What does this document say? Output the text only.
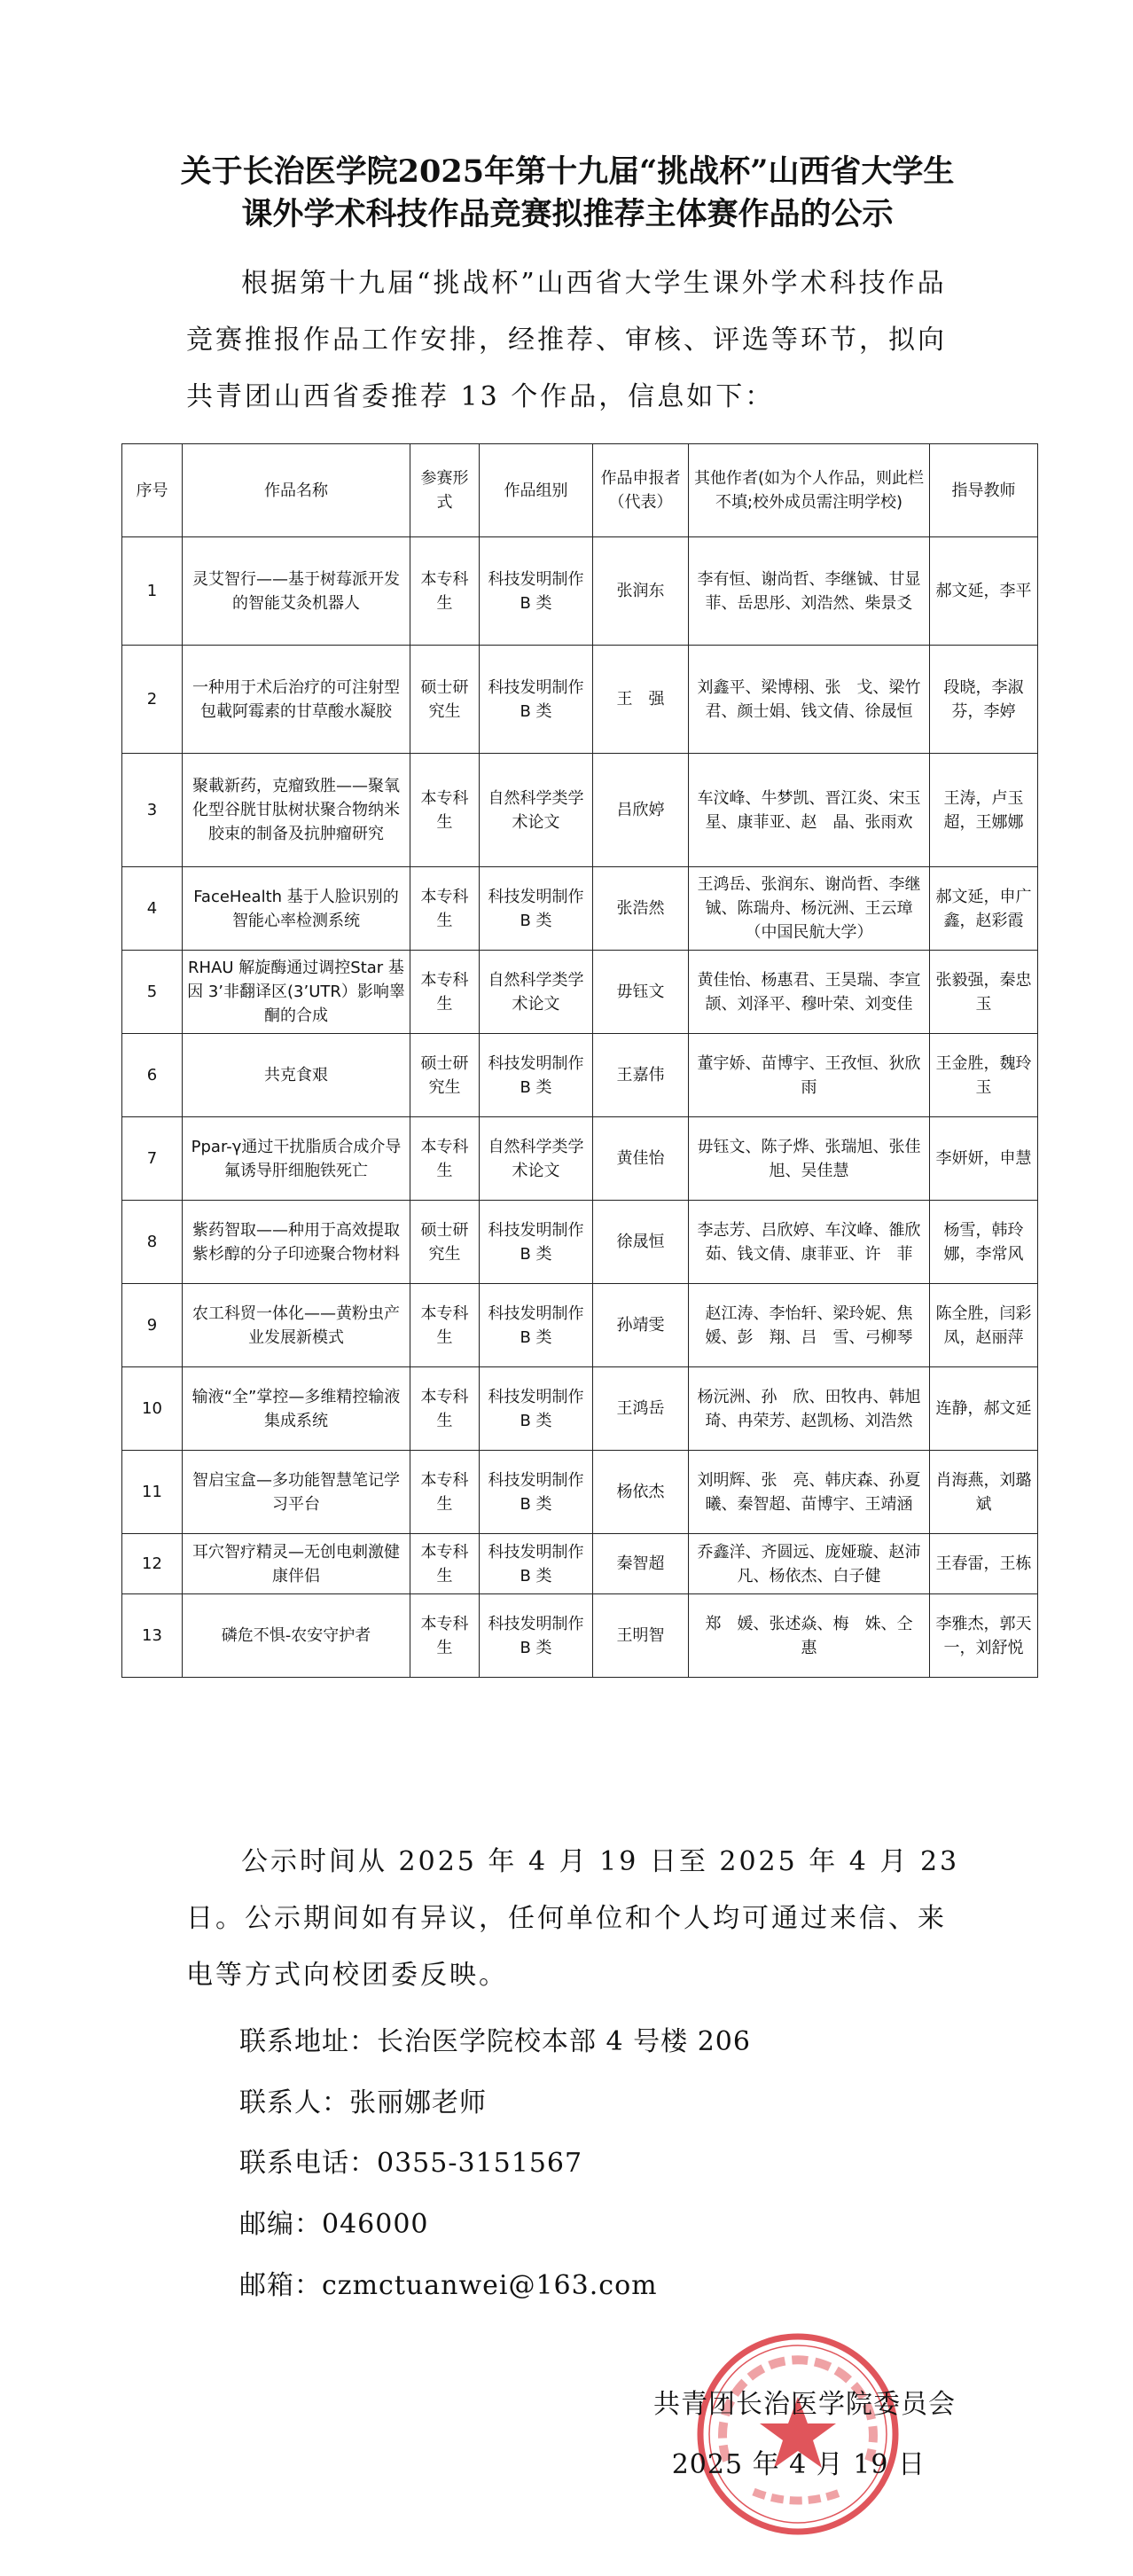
关于长治医学院2025年第十九届“挑战杯”山西省大学生课外学术科技作品竞赛拟推荐主体赛作品的公示
根据第十九届“挑战杯”山西省大学生课外学术科技作品竞赛推报作品工作安排，经推荐、审核、评选等环节，拟向共青团山西省委推荐 13 个作品，信息如下：
序号	作品名称	参赛形式	作品组别	作品申报者（代表）	其他作者(如为个人作品，则此栏不填;校外成员需注明学校)	指导教师
1	灵艾智行——基于树莓派开发的智能艾灸机器人	本专科生	科技发明制作 B 类	张润东	李有恒、谢尚哲、李继铖、甘显菲、岳思彤、刘浩然、柴景爻	郝文延，李平
2	一种用于术后治疗的可注射型包載阿霉素的甘草酸水凝胶	硕士研究生	科技发明制作 B 类	王　强	刘鑫平、梁博栩、张　戈、梁竹君、颜士娟、钱文倩、徐晟恒	段晓，李淑芬，李婷
3	聚載新药，克瘤致胜——聚氧化型谷胱甘肽树状聚合物纳米胶束的制备及抗肿瘤研究	本专科生	自然科学类学术论文	吕欣婷	车汶峰、牛梦凯、晋江炎、宋玉星、康菲亚、赵　晶、张雨欢	王涛，卢玉超，王娜娜
4	FaceHealth 基于人脸识别的智能心率检测系统	本专科生	科技发明制作 B 类	张浩然	王鸿岳、张润东、谢尚哲、李继铖、陈瑞舟、杨沅洲、王云璋（中国民航大学）	郝文延，申广鑫，赵彩霞
5	RHAU 解旋酶通过调控Star 基因 3’非翻译区(3’UTR）影响睾酮的合成	本专科生	自然科学类学术论文	毋钰文	黄佳怡、杨惠君、王昊瑞、李宣颉、刘泽平、穆叶荣、刘变佳	张毅强，秦忠玉
6	共克食艰	硕士研究生	科技发明制作 B 类	王嘉伟	董宇娇、苗博宇、王孜恒、狄欣雨	王金胜，魏玲玉
7	Ppar-γ通过干扰脂质合成介导氟诱导肝细胞铁死亡	本专科生	自然科学类学术论文	黄佳怡	毋钰文、陈子烨、张瑞旭、张佳旭、吴佳慧	李妍妍，申慧
8	紫药智取——种用于高效提取紫杉醇的分子印迹聚合物材料	硕士研究生	科技发明制作 B 类	徐晟恒	李志芳、吕欣婷、车汶峰、雒欣茹、钱文倩、康菲亚、许　菲	杨雪，韩玲娜，李常风
9	农工科贸一体化——黄粉虫产业发展新模式	本专科生	科技发明制作 B 类	孙靖雯	赵江涛、李怡轩、梁玲妮、焦　媛、彭　翔、吕　雪、弓柳琴	陈全胜，闫彩凤，赵丽萍
10	输液“全”掌控—多维精控输液集成系统	本专科生	科技发明制作 B 类	王鸿岳	杨沅洲、孙　欣、田牧冉、韩旭琦、冉荣芳、赵凯杨、刘浩然	连静，郝文延
11	智启宝盒—多功能智慧笔记学习平台	本专科生	科技发明制作 B 类	杨依杰	刘明辉、张　亮、韩庆森、孙夏曦、秦智超、苗博宇、王靖涵	肖海燕，刘璐斌
12	耳穴智疗精灵—无创电刺激健康伴侣	本专科生	科技发明制作 B 类	秦智超	乔鑫洋、齐圆远、庞娅璇、赵沛凡、杨依杰、白子健	王春雷，王栋
13	磷危不惧-农安守护者	本专科生	科技发明制作 B 类	王明智	郑　媛、张述焱、梅　姝、仝　惠	李雅杰，郭天一，刘舒悦
公示时间从 2025 年 4 月 19 日至 2025 年 4 月 23 日。公示期间如有异议，任何单位和个人均可通过来信、来电等方式向校团委反映。
联系地址：长治医学院校本部 4 号楼 206
联系人：张丽娜老师
联系电话：0355-3151567
邮编：046000
邮箱：czmctuanwei@163.com
共青团长治医学院委员会
2025 年 4 月 19 日
